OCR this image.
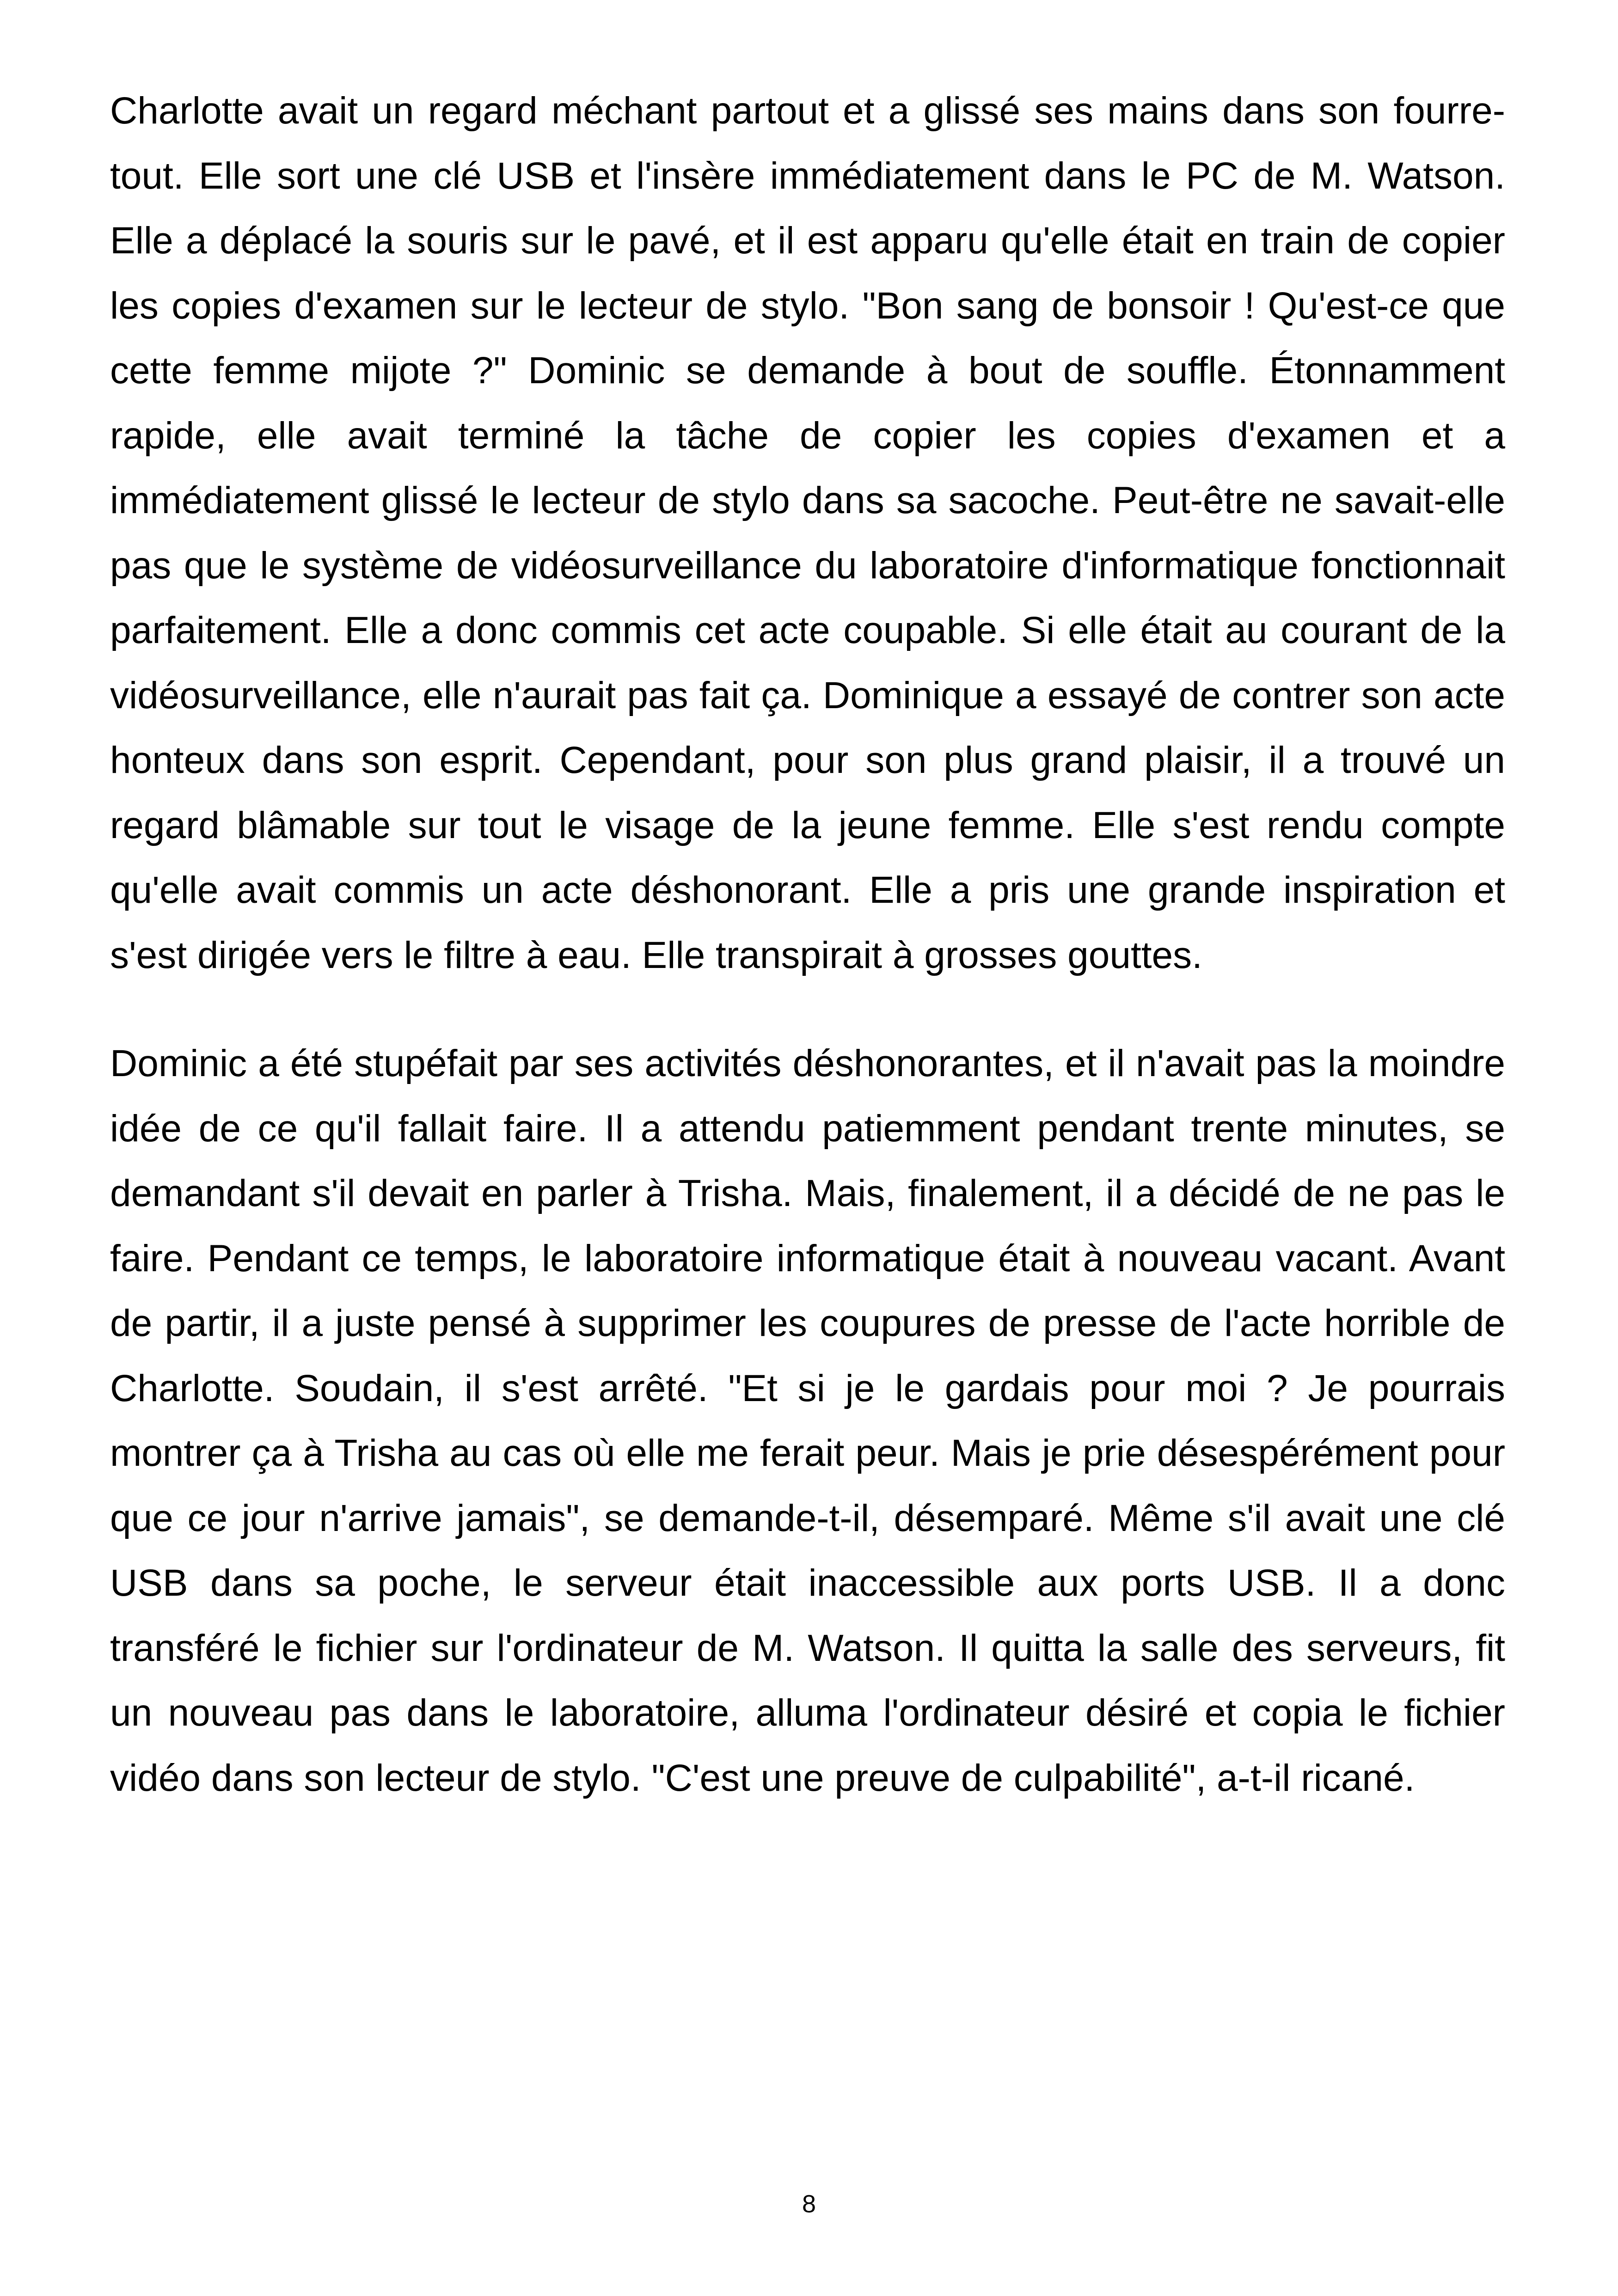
Charlotte avait un regard méchant partout et a glissé ses mains dans son fourre-tout. Elle sort une clé USB et l'insère immédiatement dans le PC de M. Watson. Elle a déplacé la souris sur le pavé, et il est apparu qu'elle était en train de copier les copies d'examen sur le lecteur de stylo. "Bon sang de bonsoir ! Qu'est-ce que cette femme mijote ?" Dominic se demande à bout de souffle. Étonnamment rapide, elle avait terminé la tâche de copier les copies d'examen et a immédiatement glissé le lecteur de stylo dans sa sacoche. Peut-être ne savait-elle pas que le système de vidéosurveillance du laboratoire d'informatique fonctionnait parfaitement. Elle a donc commis cet acte coupable. Si elle était au courant de la vidéosurveillance, elle n'aurait pas fait ça. Dominique a essayé de contrer son acte honteux dans son esprit. Cependant, pour son plus grand plaisir, il a trouvé un regard blâmable sur tout le visage de la jeune femme. Elle s'est rendu compte qu'elle avait commis un acte déshonorant. Elle a pris une grande inspiration et s'est dirigée vers le filtre à eau. Elle transpirait à grosses gouttes.

Dominic a été stupéfait par ses activités déshonorantes, et il n'avait pas la moindre idée de ce qu'il fallait faire. Il a attendu patiemment pendant trente minutes, se demandant s'il devait en parler à Trisha. Mais, finalement, il a décidé de ne pas le faire. Pendant ce temps, le laboratoire informatique était à nouveau vacant. Avant de partir, il a juste pensé à supprimer les coupures de presse de l'acte horrible de Charlotte. Soudain, il s'est arrêté. "Et si je le gardais pour moi ? Je pourrais montrer ça à Trisha au cas où elle me ferait peur. Mais je prie désespérément pour que ce jour n'arrive jamais", se demande-t-il, désemparé. Même s'il avait une clé USB dans sa poche, le serveur était inaccessible aux ports USB. Il a donc transféré le fichier sur l'ordinateur de M. Watson. Il quitta la salle des serveurs, fit un nouveau pas dans le laboratoire, alluma l'ordinateur désiré et copia le fichier vidéo dans son lecteur de stylo. "C'est une preuve de culpabilité", a-t-il ricané.

8
